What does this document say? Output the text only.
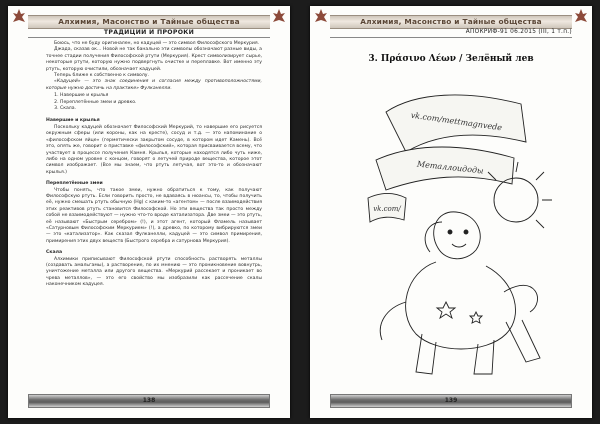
Алхимия, Масонство и Тайные общества
ТРАДИЦИИ И ПРОРОКИ

Боюсь, что не буду оригинален, но кадуцей — это символ Философского Меркурия.

Джада, сказав ок... Новой не так банально эти символы обозначают разные виды, а точнее стадии получения Философской ртути (Меркурия). Крест символизирует сырье, некоторые ртути, которую нужно подвергнуть очистке и переплавке. Вот именно эту ртуть, которую очистили, обозначает кадуцей.

Теперь ближе к собственно к символу.

«Кадуцей» — это знак соединения и согласия между противоположностями, которые нужно достичь на практике» Фулканелли.

1. Навершие и крылья
2. Переплетённые змеи и древко.
3. Скала.

Навершие и крылья

Поскольку кадуцей обозначает Философский Меркурий, то навершие его рисуется окружным сферы (или короны, как на кресте), сосуд и т.д. — это напоминание о «философском яйце» (герметически закрытом сосуде, в котором идет Камень). Всё это, опять же, говорит о приставке «философский», которая присваивается всему, что участвует в процессе получения Камня. Крылья, которые находятся либо чуть ниже, либо на одном уровне с концом, говорят о летучей природе вещества, которое этот символ изображает. (Все мы знаем, что ртуть летучая, вот это-то и обозначают крылья.)

Переплетённые змеи

Чтобы понять, что такое змеи, нужно обратиться к тому, как получают Философскую ртуть. Если говорить просто, не вдаваясь в нюансы, то, чтобы получить её, нужно смешать ртуть обычную (Hg) с каким-то «агентом» — после взаимодействия этих реактивов ртуть становится Философской. Но эти вещества так просто между собой не взаимодействуют — нужно что-то вроде катализатора. Две змеи — это ртуть, её называют «Быстрым серебром» (!), и этот агент, который Фламель называет «Сатурновым Философским Меркурием» (!), а древко, по которому вибрируются змеи — это «катализатор». Как сказал Фулканелли, кадуцей — это символ примирения, примирения этих двух веществ (Быстрого серебра и сатурнова Меркурия).

Скала

Алхимики приписывают Философской ртути способность растворять металлы (создавать амальгамы), а растворение, по их мнению — это проникновение вовнутрь, уничтожение металла или другого вещества. «Меркурий рассекает и проникает во чрева металлов», — это его свойство мы изобразили как рассечение скалы наконечником кадуцея.

138
Алхимия, Масонство и Тайные общества
АПОКРИФ-91 06.2015 (III, 1 т.п.)
3. Πράσινο Λέων / Зелёный лев
vk.com/mettmagnvede
Металлоидоды
vk.com/
139
